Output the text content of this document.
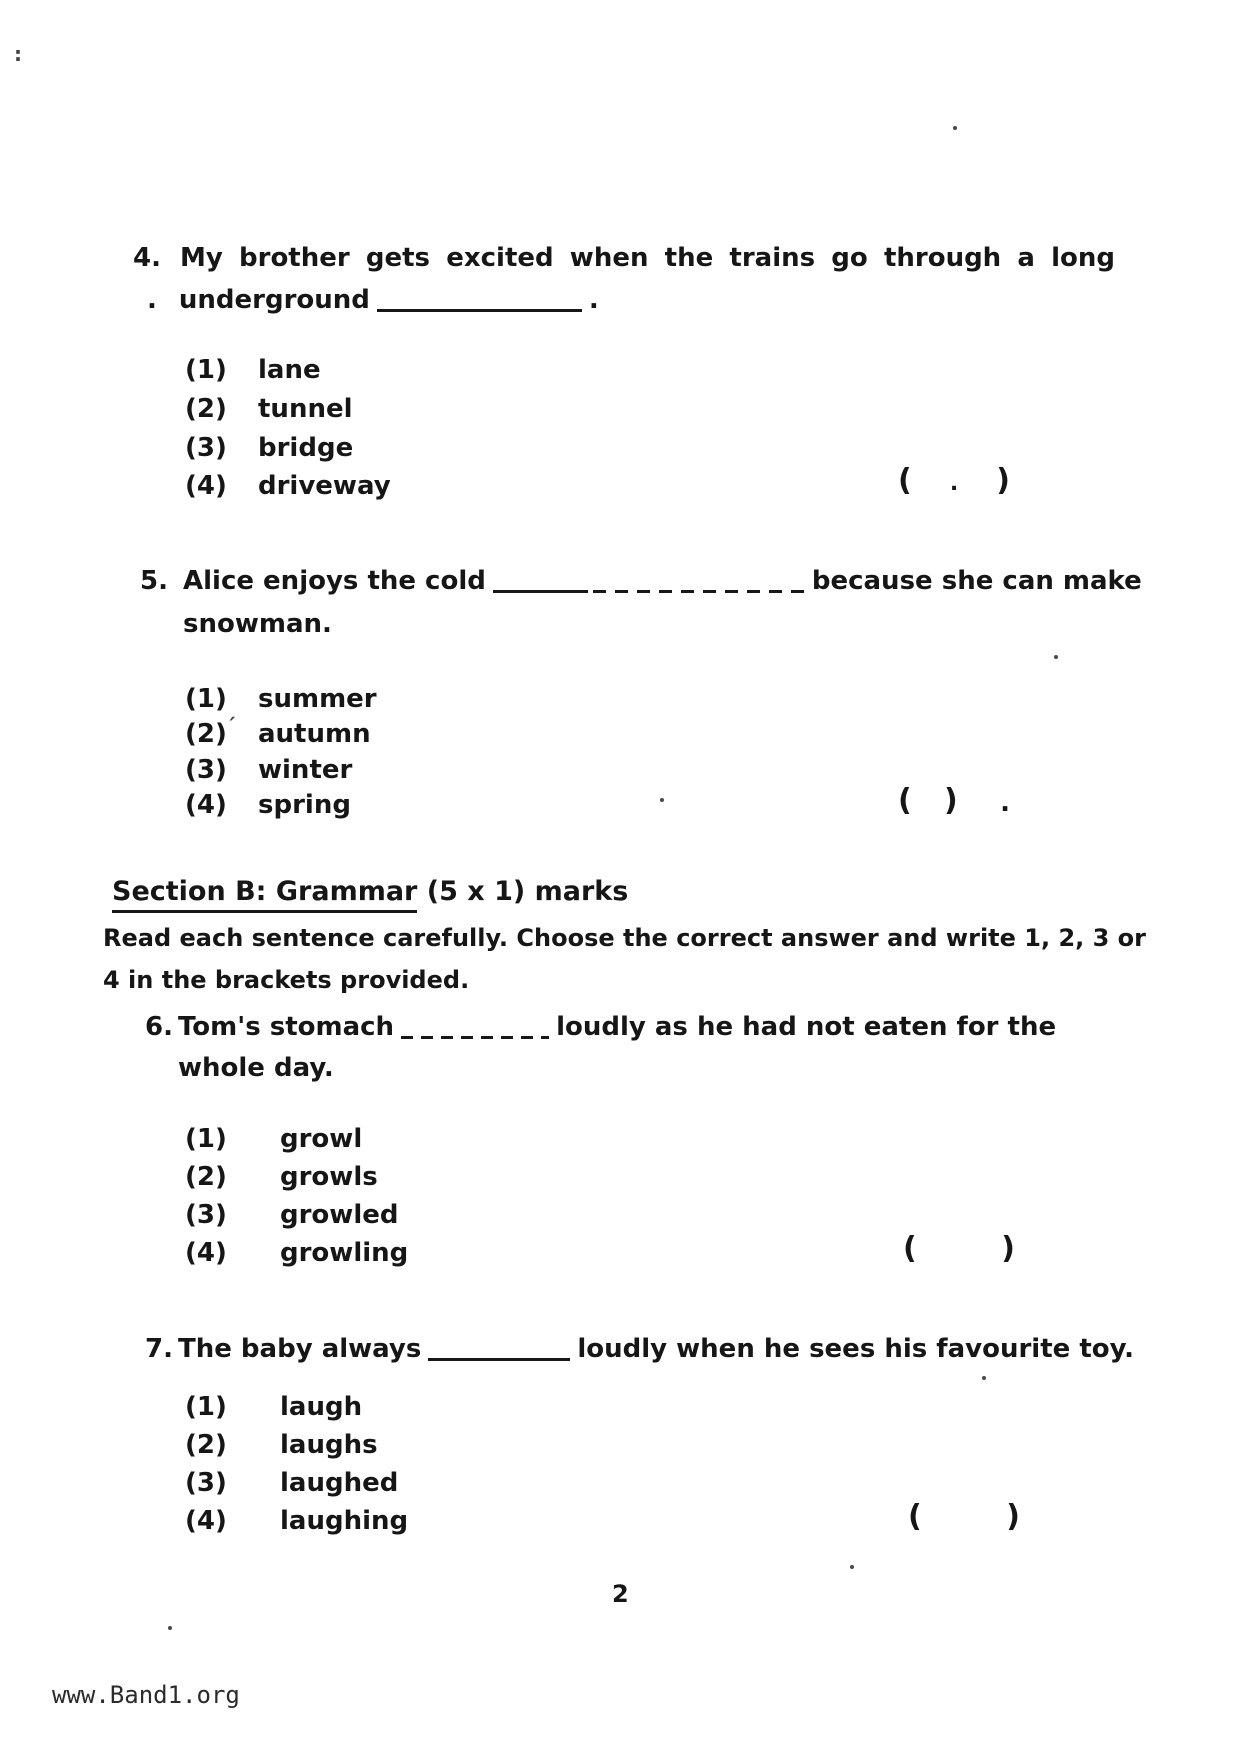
:
4. My brother gets excited when the trains go through a long
. underground	.
(1)	lane
(2)	tunnel
(3)	bridge
(4)	driveway	( . )
5. Alice enjoys the cold	because she can make
snowman.
(1)	summer
(2)	autumn
´
(3)	winter
(4)	spring	( ) .
Section B: Grammar (5 x 1) marks
Read each sentence carefully. Choose the correct answer and write 1, 2, 3 or
4 in the brackets provided.
6. Tom's stomach	loudly as he had not eaten for the
whole day.
(1)	growl
(2)	growls
(3)	growled
(4)	growling	(	)
7. The baby always	loudly when he sees his favourite toy.
(1)	laugh
(2)	laughs
(3)	laughed
(4)	laughing	(	)
2
www.Band1.org
